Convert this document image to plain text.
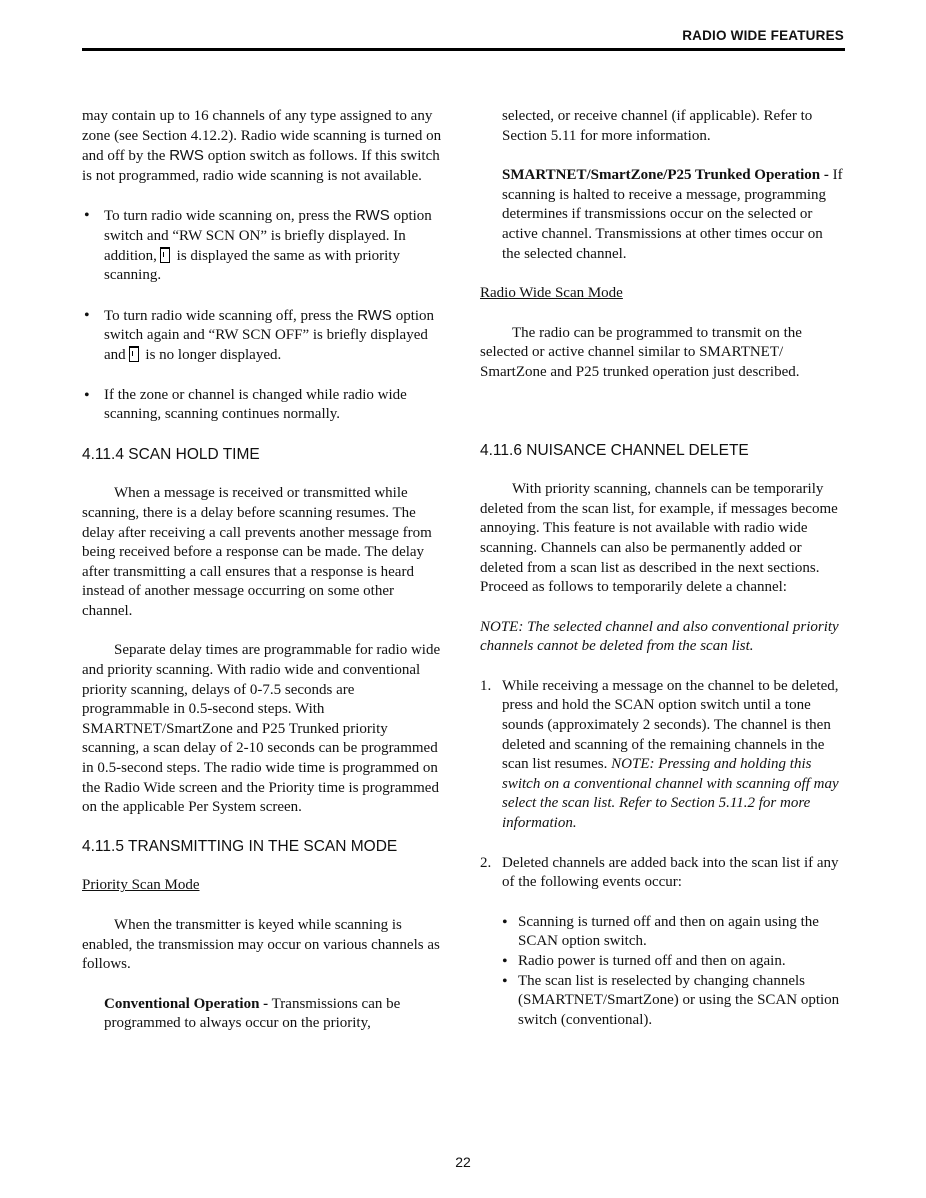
RADIO WIDE FEATURES

may contain up to 16 channels of any type assigned to any zone (see Section 4.12.2). Radio wide scanning is turned on and off by the RWS option switch as follows. If this switch is not programmed, radio wide scanning is not available.

• To turn radio wide scanning on, press the RWS option switch and “RW SCN ON” is briefly displayed. In addition, is displayed the same as with priority scanning.
• To turn radio wide scanning off, press the RWS option switch again and “RW SCN OFF” is briefly displayed and is no longer displayed.
• If the zone or channel is changed while radio wide scanning, scanning continues normally.

4.11.4 SCAN HOLD TIME

When a message is received or transmitted while scanning, there is a delay before scanning resumes. The delay after receiving a call prevents another message from being received before a response can be made. The delay after transmitting a call ensures that a response is heard instead of another message occurring on some other channel.

Separate delay times are programmable for radio wide and priority scanning. With radio wide and conventional priority scanning, delays of 0-7.5 seconds are programmable in 0.5-second steps. With SMARTNET/SmartZone and P25 Trunked priority scanning, a scan delay of 2-10 seconds can be programmed in 0.5-second steps. The radio wide time is programmed on the Radio Wide screen and the Priority time is programmed on the applicable Per System screen.

4.11.5 TRANSMITTING IN THE SCAN MODE

Priority Scan Mode

When the transmitter is keyed while scanning is enabled, the transmission may occur on various channels as follows.

Conventional Operation - Transmissions can be programmed to always occur on the priority,

selected, or receive channel (if applicable). Refer to Section 5.11 for more information.

SMARTNET/SmartZone/P25 Trunked Operation - If scanning is halted to receive a message, programming determines if transmissions occur on the selected or active channel. Transmissions at other times occur on the selected channel.

Radio Wide Scan Mode

The radio can be programmed to transmit on the selected or active channel similar to SMARTNET/ SmartZone and P25 trunked operation just described.

4.11.6 NUISANCE CHANNEL DELETE

With priority scanning, channels can be temporarily deleted from the scan list, for example, if messages become annoying. This feature is not available with radio wide scanning. Channels can also be permanently added or deleted from a scan list as described in the next sections. Proceed as follows to temporarily delete a channel:

NOTE: The selected channel and also conventional priority channels cannot be deleted from the scan list.

1. While receiving a message on the channel to be deleted, press and hold the SCAN option switch until a tone sounds (approximately 2 seconds). The channel is then deleted and scanning of the remaining channels in the scan list resumes. NOTE: Pressing and holding this switch on a conventional channel with scanning off may select the scan list. Refer to Section 5.11.2 for more information.
2. Deleted channels are added back into the scan list if any of the following events occur:
• Scanning is turned off and then on again using the SCAN option switch.
• Radio power is turned off and then on again.
• The scan list is reselected by changing channels (SMARTNET/SmartZone) or using the SCAN option switch (conventional).
22
